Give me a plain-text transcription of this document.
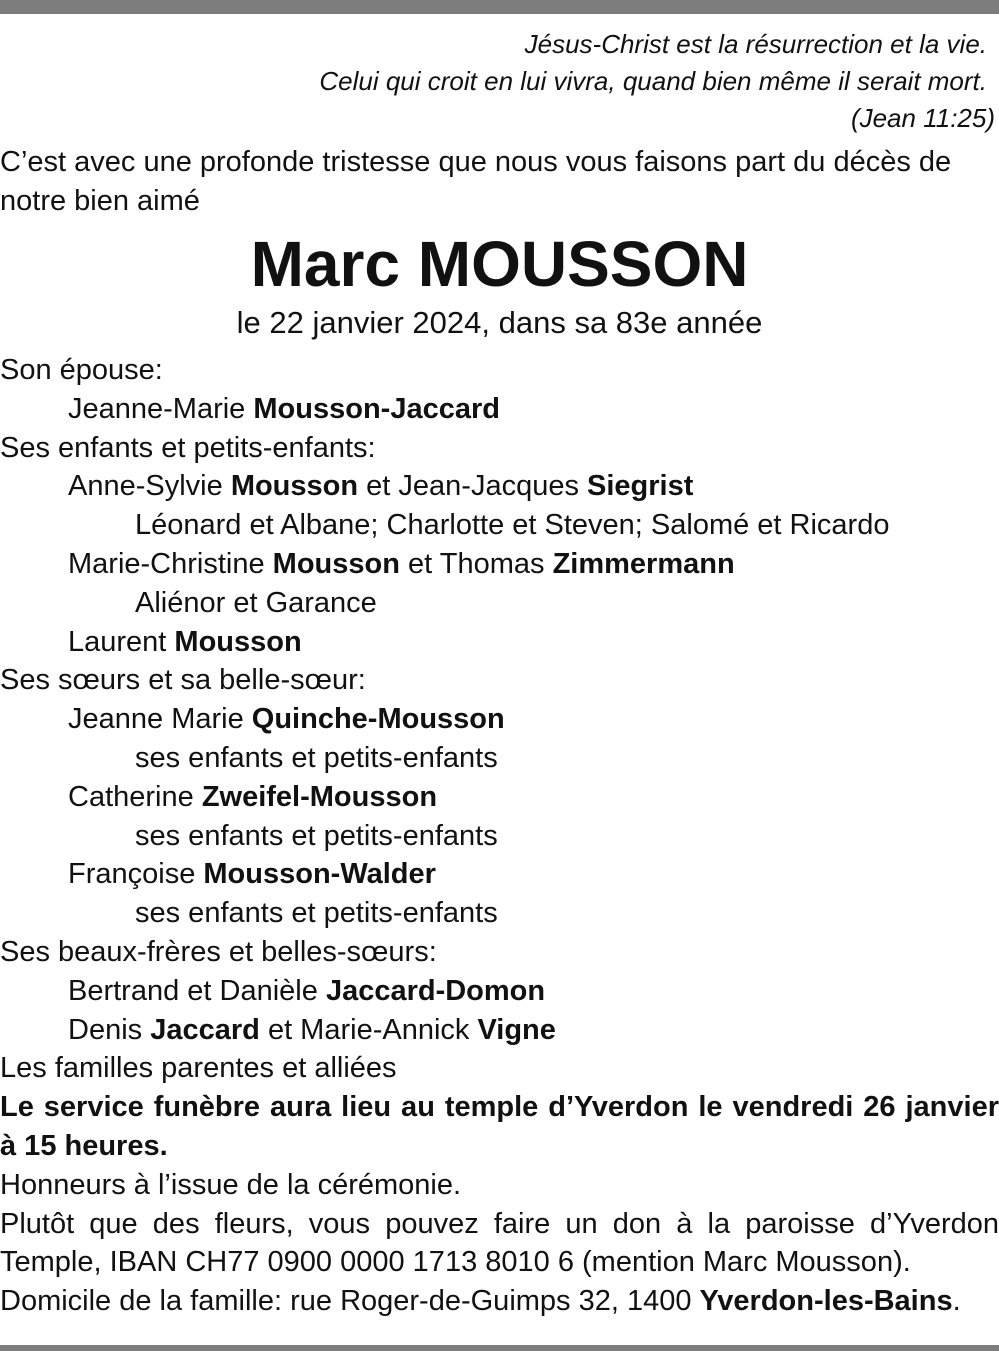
Jésus-Christ est la résurrection et la vie.
Celui qui croit en lui vivra, quand bien même il serait mort.
(Jean 11:25)
C’est avec une profonde tristesse que nous vous faisons part du décès de notre bien aimé
Marc MOUSSON
le 22 janvier 2024, dans sa 83e année
Son épouse:
Jeanne-Marie Mousson-Jaccard
Ses enfants et petits-enfants:
Anne-Sylvie Mousson et Jean-Jacques Siegrist
Léonard et Albane; Charlotte et Steven; Salomé et Ricardo
Marie-Christine Mousson et Thomas Zimmermann
Aliénor et Garance
Laurent Mousson
Ses sœurs et sa belle-sœur:
Jeanne Marie Quinche-Mousson
ses enfants et petits-enfants
Catherine Zweifel-Mousson
ses enfants et petits-enfants
Françoise Mousson-Walder
ses enfants et petits-enfants
Ses beaux-frères et belles-sœurs:
Bertrand et Danièle Jaccard-Domon
Denis Jaccard et Marie-Annick Vigne
Les familles parentes et alliées
Le service funèbre aura lieu au temple d’Yverdon le vendredi 26 janvier à 15 heures.
Honneurs à l’issue de la cérémonie.
Plutôt que des fleurs, vous pouvez faire un don à la paroisse d’Yverdon Temple, IBAN CH77 0900 0000 1713 8010 6 (mention Marc Mousson).
Domicile de la famille: rue Roger-de-Guimps 32, 1400 Yverdon-les-Bains.
